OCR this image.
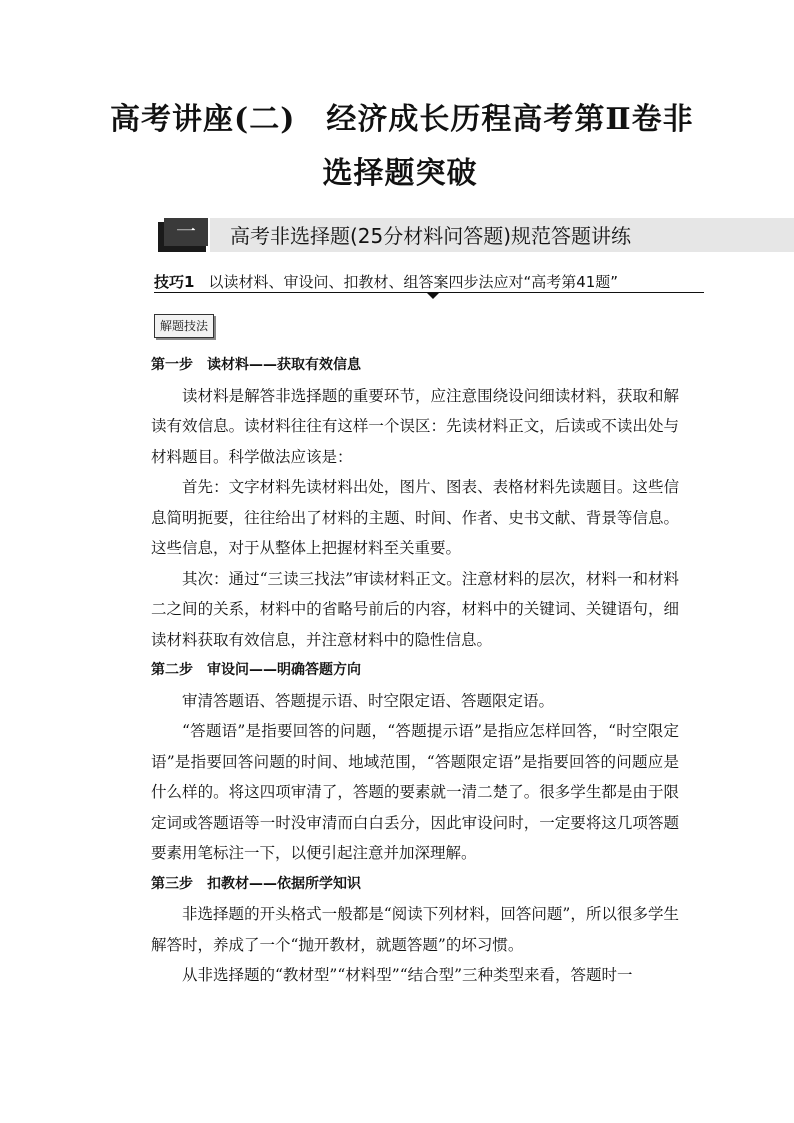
高考讲座(二)　经济成长历程高考第Ⅱ卷非
选择题突破
一	高考非选择题(25分材料问答题)规范答题讲练
技巧1 以读材料、审设问、扣教材、组答案四步法应对“高考第41题”
解题技法

第一步　读材料——获取有效信息

读材料是解答非选择题的重要环节，应注意围绕设问细读材料，获取和解读有效信息。读材料往往有这样一个误区：先读材料正文，后读或不读出处与材料题目。科学做法应该是：

首先：文字材料先读材料出处，图片、图表、表格材料先读题目。这些信息简明扼要，往往给出了材料的主题、时间、作者、史书文献、背景等信息。这些信息，对于从整体上把握材料至关重要。

其次：通过“三读三找法”审读材料正文。注意材料的层次，材料一和材料二之间的关系，材料中的省略号前后的内容，材料中的关键词、关键语句，细读材料获取有效信息，并注意材料中的隐性信息。

第二步　审设问——明确答题方向

审清答题语、答题提示语、时空限定语、答题限定语。

“答题语”是指要回答的问题，“答题提示语”是指应怎样回答，“时空限定语”是指要回答问题的时间、地域范围，“答题限定语”是指要回答的问题应是什么样的。将这四项审清了，答题的要素就一清二楚了。很多学生都是由于限定词或答题语等一时没审清而白白丢分，因此审设问时，一定要将这几项答题要素用笔标注一下，以便引起注意并加深理解。

第三步　扣教材——依据所学知识

非选择题的开头格式一般都是“阅读下列材料，回答问题”，所以很多学生解答时，养成了一个“抛开教材，就题答题”的坏习惯。

从非选择题的“教材型”“材料型”“结合型”三种类型来看，答题时一
